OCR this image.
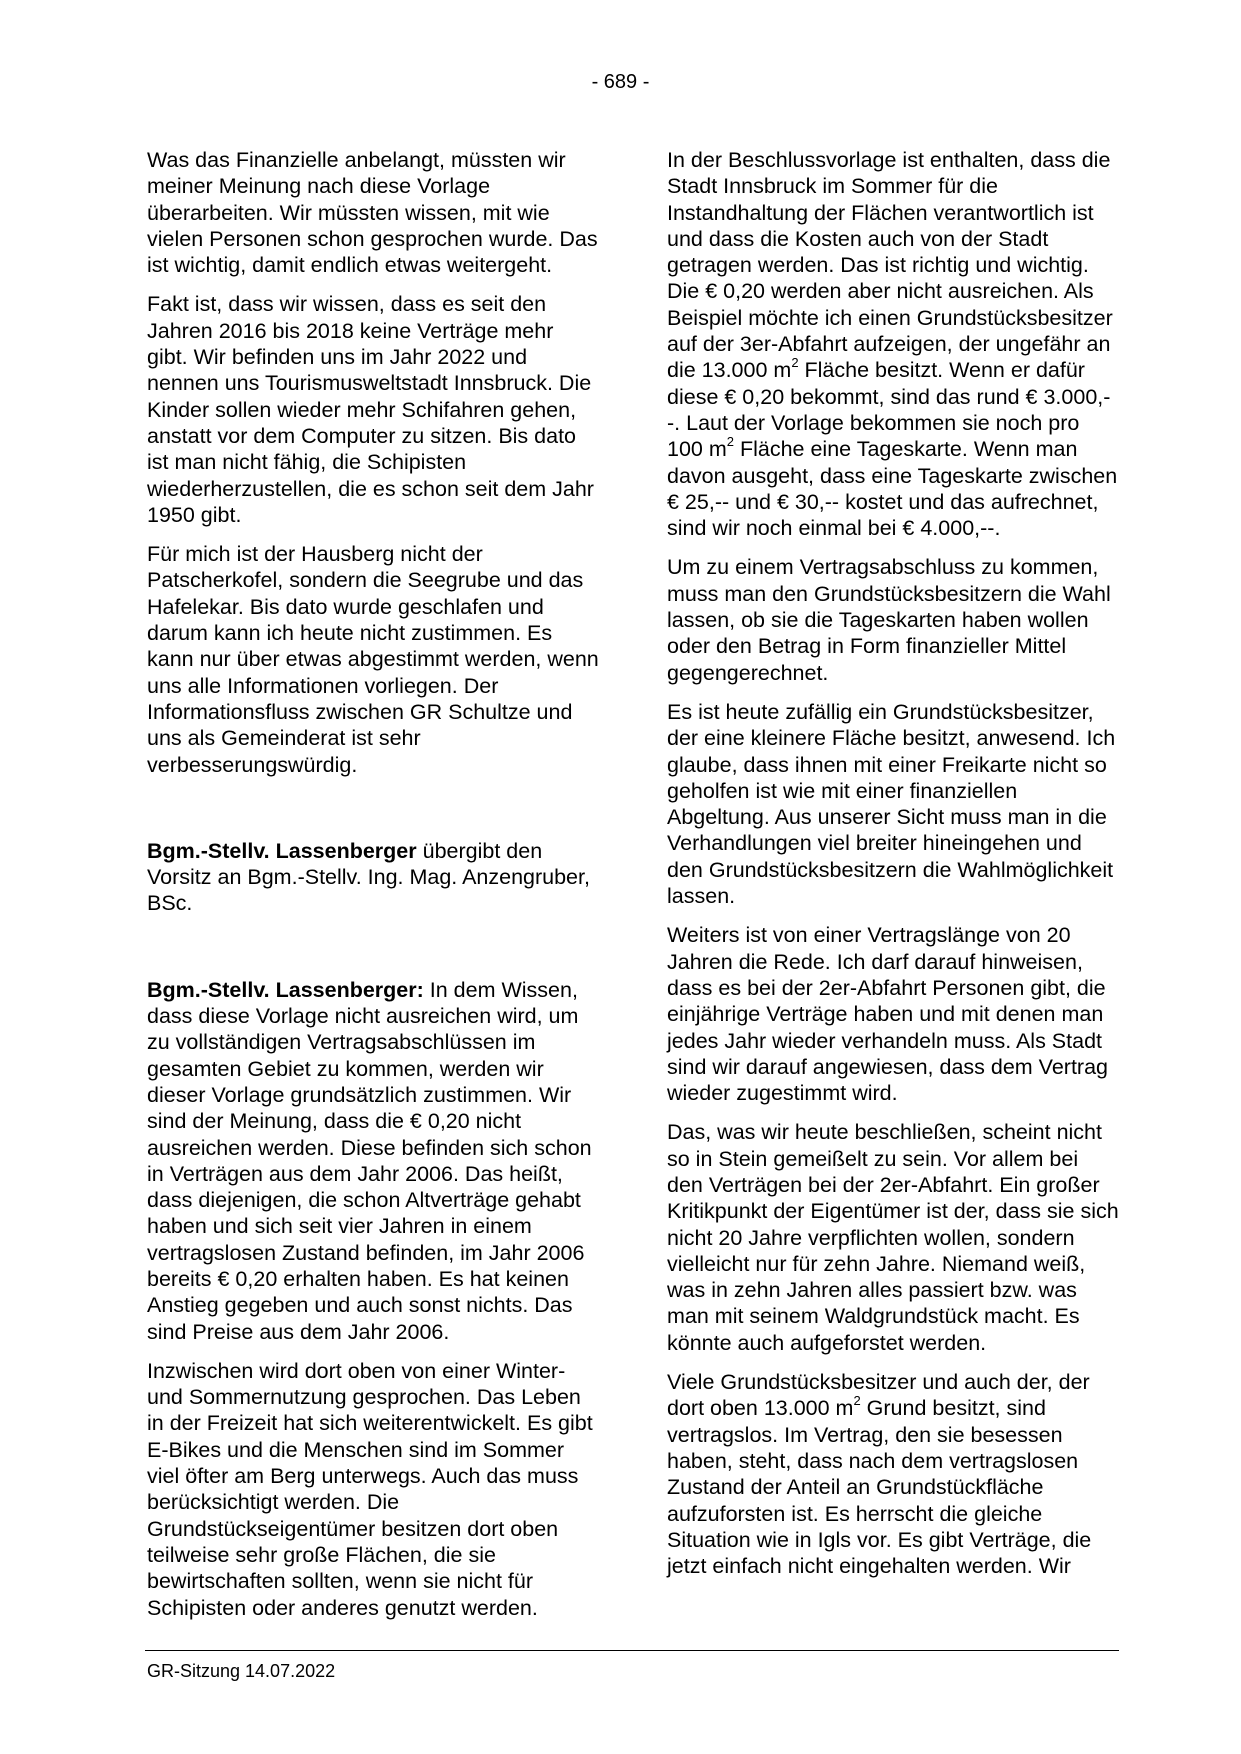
- 689 -

Was das Finanzielle anbelangt, müssten wir meiner Meinung nach diese Vorlage überarbeiten. Wir müssten wissen, mit wie vielen Personen schon gesprochen wurde. Das ist wichtig, damit endlich etwas weitergeht.

Fakt ist, dass wir wissen, dass es seit den Jahren 2016 bis 2018 keine Verträge mehr gibt. Wir befinden uns im Jahr 2022 und nennen uns Tourismusweltstadt Innsbruck. Die Kinder sollen wieder mehr Schifahren gehen, anstatt vor dem Computer zu sitzen. Bis dato ist man nicht fähig, die Schipisten wiederherzustellen, die es schon seit dem Jahr 1950 gibt.

Für mich ist der Hausberg nicht der Patscherkofel, sondern die Seegrube und das Hafelekar. Bis dato wurde geschlafen und darum kann ich heute nicht zustimmen. Es kann nur über etwas abgestimmt werden, wenn uns alle Informationen vorliegen. Der Informationsfluss zwischen GR Schultze und uns als Gemeinderat ist sehr verbesserungswürdig.

Bgm.-Stellv. Lassenberger übergibt den Vorsitz an Bgm.-Stellv. Ing. Mag. Anzengruber, BSc.

Bgm.-Stellv. Lassenberger: In dem Wissen, dass diese Vorlage nicht ausreichen wird, um zu vollständigen Vertragsabschlüssen im gesamten Gebiet zu kommen, werden wir dieser Vorlage grundsätzlich zustimmen. Wir sind der Meinung, dass die € 0,20 nicht ausreichen werden. Diese befinden sich schon in Verträgen aus dem Jahr 2006. Das heißt, dass diejenigen, die schon Altverträge gehabt haben und sich seit vier Jahren in einem vertragslosen Zustand befinden, im Jahr 2006 bereits € 0,20 erhalten haben. Es hat keinen Anstieg gegeben und auch sonst nichts. Das sind Preise aus dem Jahr 2006.

Inzwischen wird dort oben von einer Winter- und Sommernutzung gesprochen. Das Leben in der Freizeit hat sich weiterentwickelt. Es gibt E-Bikes und die Menschen sind im Sommer viel öfter am Berg unterwegs. Auch das muss berücksichtigt werden. Die Grundstückseigentümer besitzen dort oben teilweise sehr große Flächen, die sie bewirtschaften sollten, wenn sie nicht für Schipisten oder anderes genutzt werden.

In der Beschlussvorlage ist enthalten, dass die Stadt Innsbruck im Sommer für die Instandhaltung der Flächen verantwortlich ist und dass die Kosten auch von der Stadt getragen werden. Das ist richtig und wichtig. Die € 0,20 werden aber nicht ausreichen. Als Beispiel möchte ich einen Grundstücksbesitzer auf der 3er-Abfahrt aufzeigen, der ungefähr an die 13.000 $m^2$ Fläche besitzt. Wenn er dafür diese € 0,20 bekommt, sind das rund € 3.000,--. Laut der Vorlage bekommen sie noch pro 100 $m^2$ Fläche eine Tageskarte. Wenn man davon ausgeht, dass eine Tageskarte zwischen € 25,-- und € 30,-- kostet und das aufrechnet, sind wir noch einmal bei € 4.000,--.

Um zu einem Vertragsabschluss zu kommen, muss man den Grundstücksbesitzern die Wahl lassen, ob sie die Tageskarten haben wollen oder den Betrag in Form finanzieller Mittel gegengerechnet.

Es ist heute zufällig ein Grundstücksbesitzer, der eine kleinere Fläche besitzt, anwesend. Ich glaube, dass ihnen mit einer Freikarte nicht so geholfen ist wie mit einer finanziellen Abgeltung. Aus unserer Sicht muss man in die Verhandlungen viel breiter hineingehen und den Grundstücksbesitzern die Wahlmöglichkeit lassen.

Weiters ist von einer Vertragslänge von 20 Jahren die Rede. Ich darf darauf hinweisen, dass es bei der 2er-Abfahrt Personen gibt, die einjährige Verträge haben und mit denen man jedes Jahr wieder verhandeln muss. Als Stadt sind wir darauf angewiesen, dass dem Vertrag wieder zugestimmt wird.

Das, was wir heute beschließen, scheint nicht so in Stein gemeißelt zu sein. Vor allem bei den Verträgen bei der 2er-Abfahrt. Ein großer Kritikpunkt der Eigentümer ist der, dass sie sich nicht 20 Jahre verpflichten wollen, sondern vielleicht nur für zehn Jahre. Niemand weiß, was in zehn Jahren alles passiert bzw. was man mit seinem Waldgrundstück macht. Es könnte auch aufgeforstet werden.

Viele Grundstücksbesitzer und auch der, der dort oben 13.000 $m^2$ Grund besitzt, sind vertragslos. Im Vertrag, den sie besessen haben, steht, dass nach dem vertragslosen Zustand der Anteil an Grundstückfläche aufzuforsten ist. Es herrscht die gleiche Situation wie in Igls vor. Es gibt Verträge, die jetzt einfach nicht eingehalten werden. Wir

GR-Sitzung 14.07.2022
